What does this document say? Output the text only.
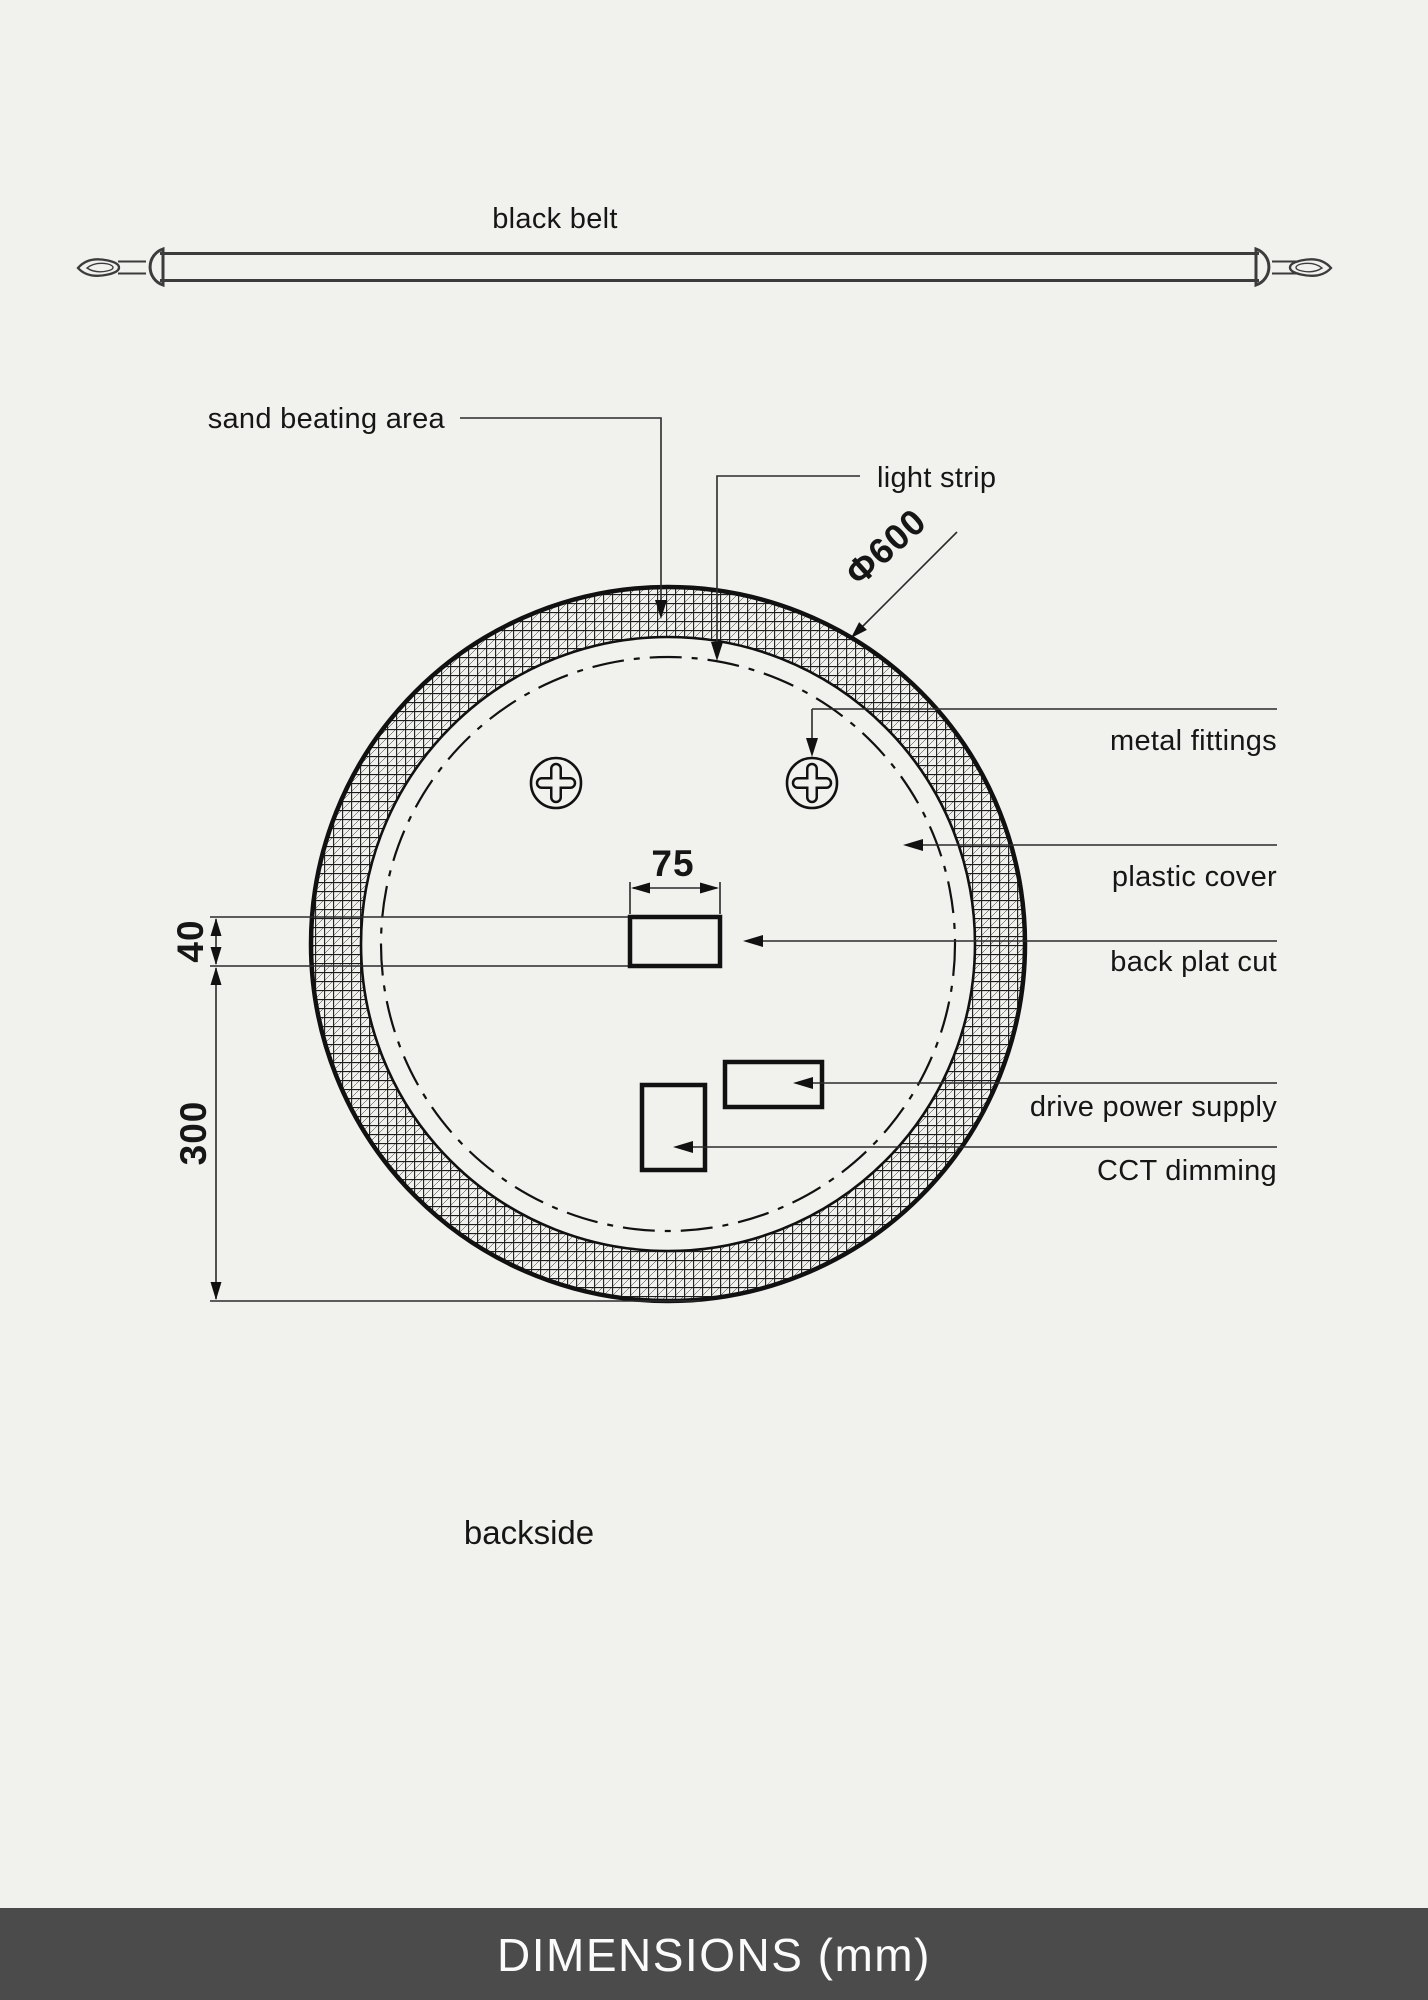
black belt
75
40
300
sand beating area
light strip
Φ600
metal fittings
plastic cover
back plat cut
drive power supply
CCT dimming
backside
DIMENSIONS (mm)
